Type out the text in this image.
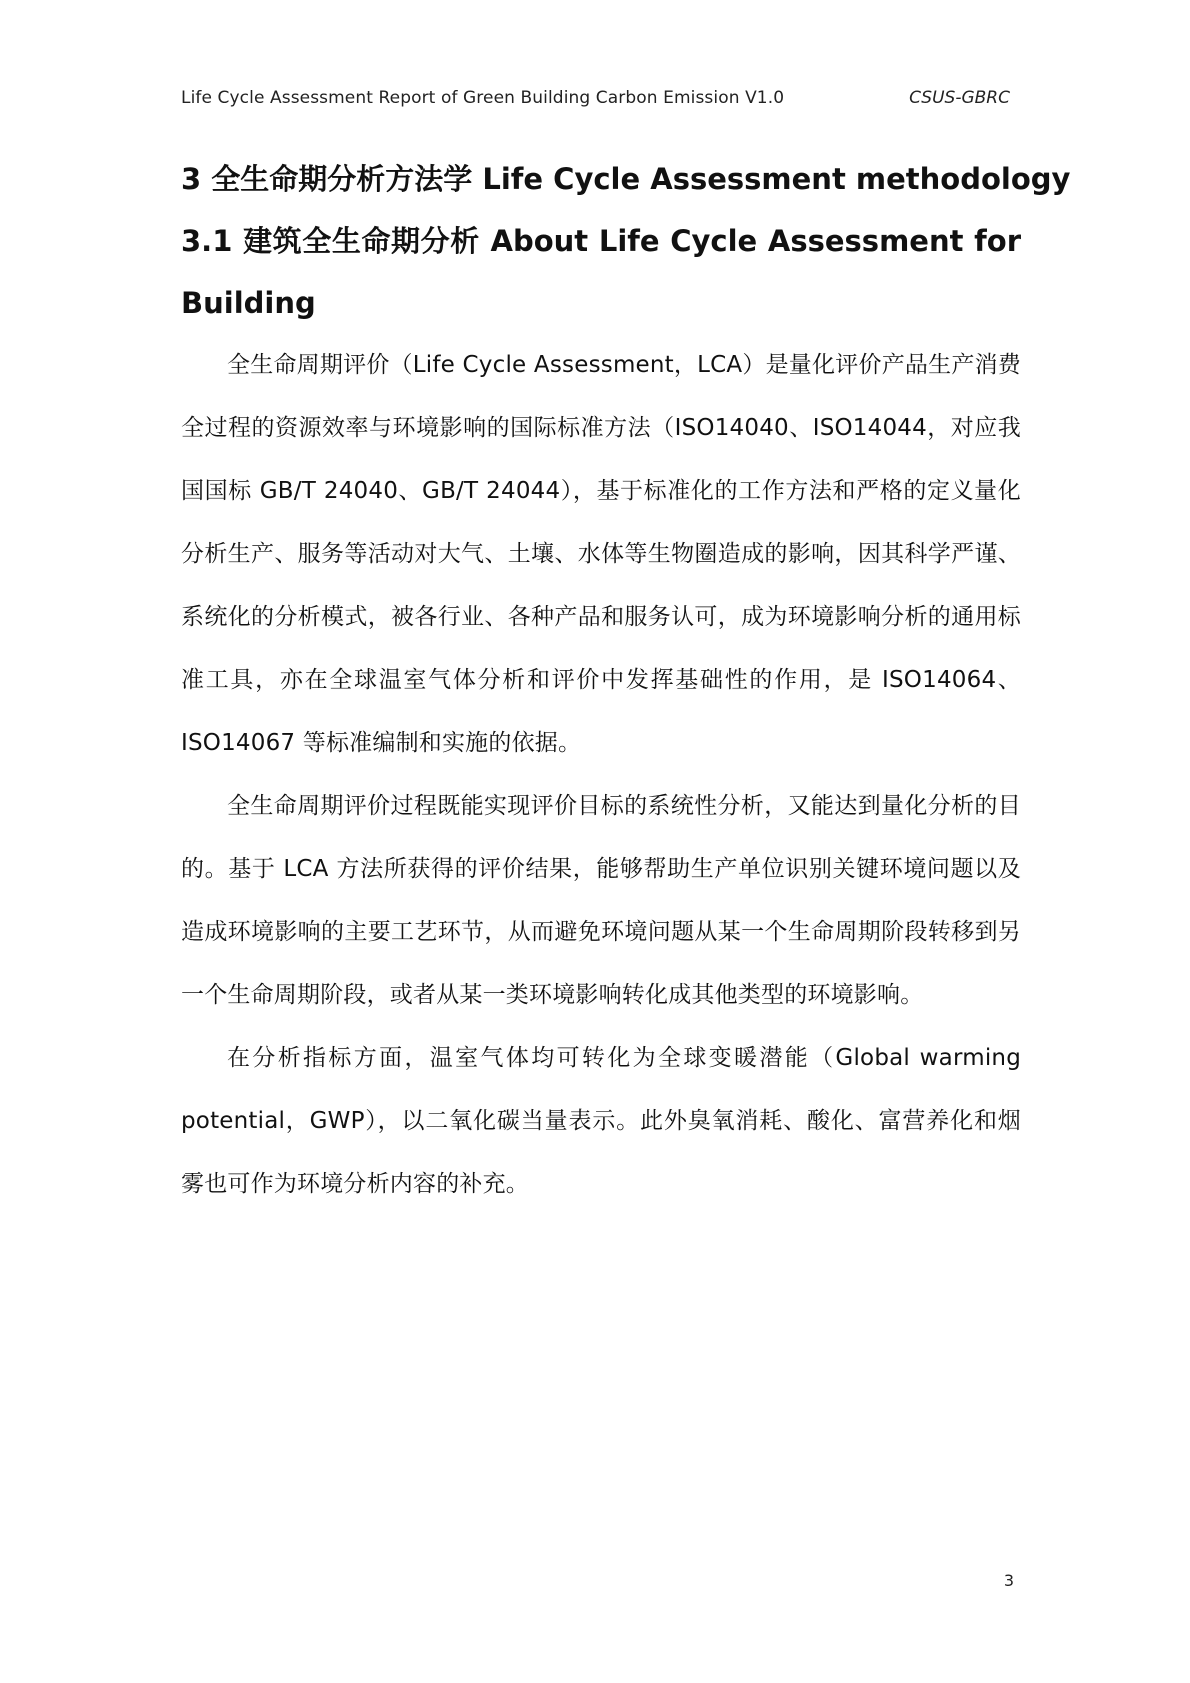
Life Cycle Assessment Report of Green Building Carbon Emission V1.0	CSUS-GBRC
3 全生命期分析方法学 Life Cycle Assessment methodology
3.1 建筑全生命期分析 About Life Cycle Assessment for Building

全生命周期评价（Life Cycle Assessment，LCA）是量化评价产品生产消费全过程的资源效率与环境影响的国际标准方法（ISO14040、ISO14044，对应我国国标 GB/T 24040、GB/T 24044），基于标准化的工作方法和严格的定义量化分析生产、服务等活动对大气、土壤、水体等生物圈造成的影响，因其科学严谨、系统化的分析模式，被各行业、各种产品和服务认可，成为环境影响分析的通用标准工具，亦在全球温室气体分析和评价中发挥基础性的作用，是 ISO14064、ISO14067 等标准编制和实施的依据。

全生命周期评价过程既能实现评价目标的系统性分析，又能达到量化分析的目的。基于 LCA 方法所获得的评价结果，能够帮助生产单位识别关键环境问题以及造成环境影响的主要工艺环节，从而避免环境问题从某一个生命周期阶段转移到另一个生命周期阶段，或者从某一类环境影响转化成其他类型的环境影响。

在分析指标方面，温室气体均可转化为全球变暖潜能（Global warming potential，GWP），以二氧化碳当量表示。此外臭氧消耗、酸化、富营养化和烟雾也可作为环境分析内容的补充。

3
